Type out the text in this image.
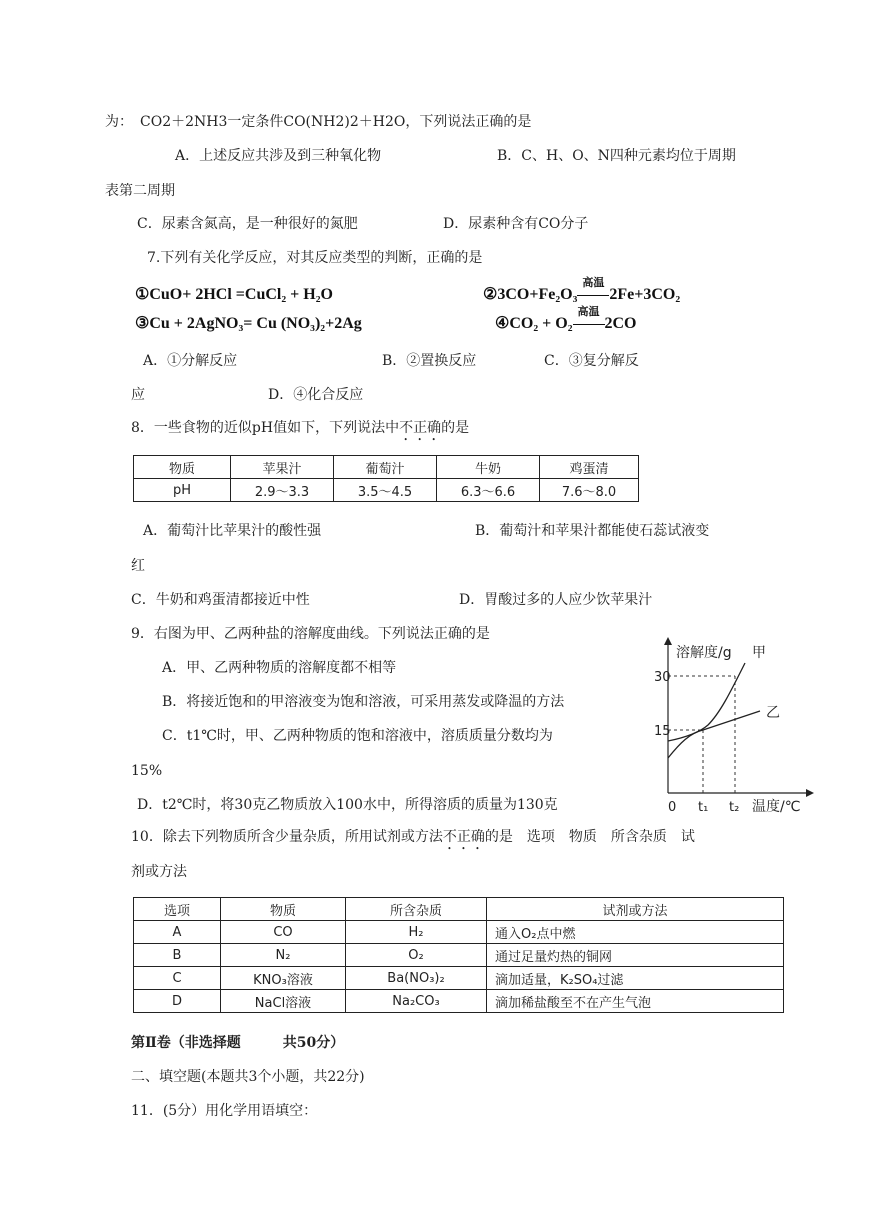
为：　CO2＋2NH3一定条件CO(NH2)2＋H2O，下列说法正确的是
A．上述反应共涉及到三种氧化物	B．C、H、O、N四种元素均位于周期
表第二周期
C．尿素含氮高，是一种很好的氮肥	D．尿素种含有CO分子
7.下列有关化学反应，对其反应类型的判断，正确的是
①CuO+ 2HCl =CuCl₂ + H₂O	②3CO+Fe₂O₃
高温
2Fe+3CO₂
③Cu + 2AgNO₃= Cu (NO₃)₂+2Ag	④CO₂ + O₂
高温
2CO
A．①分解反应	B．②置换反应	C．③复分解反
应	D．④化合反应
8．一些食物的近似pH值如下，下列说法中不正确的是
物质	苹果汁	葡萄汁	牛奶	鸡蛋清
pH	2.9～3.3	3.5～4.5	6.3～6.6	7.6～8.0
A．葡萄汁比苹果汁的酸性强	B．葡萄汁和苹果汁都能使石蕊试液变
红
C．牛奶和鸡蛋清都接近中性	D．胃酸过多的人应少饮苹果汁
9．右图为甲、乙两种盐的溶解度曲线。下列说法正确的是
A．甲、乙两种物质的溶解度都不相等
B．将接近饱和的甲溶液变为饱和溶液，可采用蒸发或降温的方法
C．t1℃时，甲、乙两种物质的饱和溶液中，溶质质量分数均为
15%
D．t2℃时，将30克乙物质放入100水中，所得溶质的质量为130克
溶解度/g 甲
乙
30
15
0 t₁ t₂ 温度/℃
10．除去下列物质所含少量杂质，所用试剂或方法不正确的是　选项　物质　所含杂质　试
剂或方法
选项	物质	所含杂质	试剂或方法
A	CO	H₂	通入O₂点中燃
B	N₂	O₂	通过足量灼热的铜网
C	KNO₃溶液	Ba(NO₃)₂	滴加适量，K₂SO₄过滤
D	NaCl溶液	Na₂CO₃	滴加稀盐酸至不在产生气泡
第Ⅱ卷（非选择题　　　共50分）
二、填空题(本题共3个小题，共22分)
11．(5分）用化学用语填空：
